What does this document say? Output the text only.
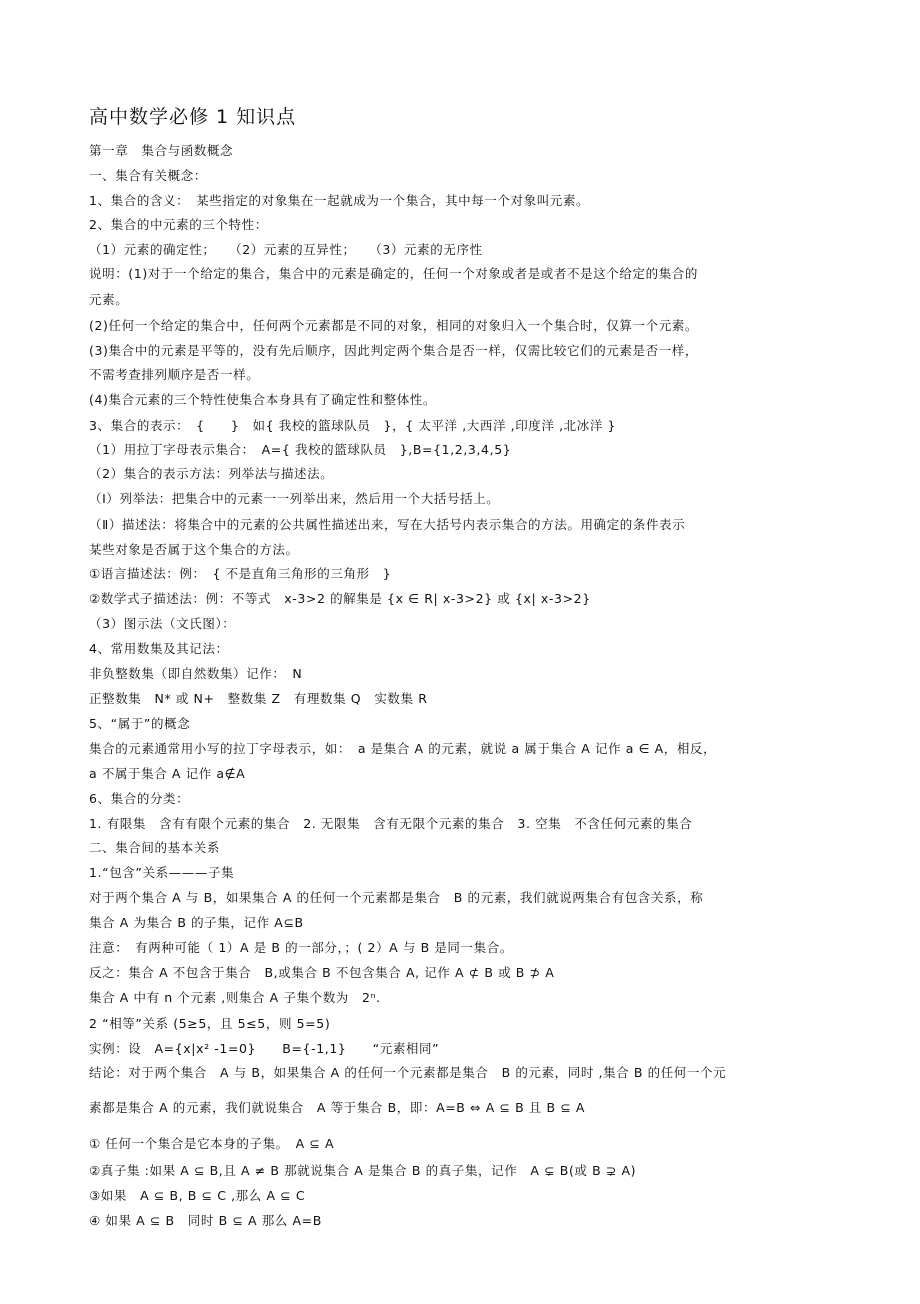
高中数学必修 1 知识点
第一章　集合与函数概念
一、集合有关概念：
1、集合的含义：　某些指定的对象集在一起就成为一个集合，其中每一个对象叫元素。
2、集合的中元素的三个特性：
（1）元素的确定性；　　（2）元素的互异性；　　（3）元素的无序性
说明：(1)对于一个给定的集合，集合中的元素是确定的，任何一个对象或者是或者不是这个给定的集合的
元素。
(2)任何一个给定的集合中，任何两个元素都是不同的对象，相同的对象归入一个集合时，仅算一个元素。
(3)集合中的元素是平等的，没有先后顺序，因此判定两个集合是否一样，仅需比较它们的元素是否一样，
不需考查排列顺序是否一样。
(4)集合元素的三个特性使集合本身具有了确定性和整体性。
3、集合的表示：　{　　}　如{ 我校的篮球队员　}，{ 太平洋 ,大西洋 ,印度洋 ,北冰洋 }
（1）用拉丁字母表示集合：　A={ 我校的篮球队员　},B={1,2,3,4,5}
（2）集合的表示方法：列举法与描述法。
（Ⅰ）列举法：把集合中的元素一一列举出来，然后用一个大括号括上。
（Ⅱ）描述法：将集合中的元素的公共属性描述出来，写在大括号内表示集合的方法。用确定的条件表示
某些对象是否属于这个集合的方法。
①语言描述法：例：　{ 不是直角三角形的三角形　}
②数学式子描述法：例：不等式　x-3>2 的解集是 {x ∈ R| x-3>2} 或 {x| x-3>2}
（3）图示法（文氏图）：
4、常用数集及其记法：
非负整数集（即自然数集）记作：　N
正整数集　N* 或 N+　整数集 Z　有理数集 Q　实数集 R
5、“属于”的概念
集合的元素通常用小写的拉丁字母表示，如：　a 是集合 A 的元素，就说 a 属于集合 A 记作 a ∈ A，相反，
a 不属于集合 A 记作 a∉A
6、集合的分类：
1. 有限集　含有有限个元素的集合　2. 无限集　含有无限个元素的集合　3. 空集　不含任何元素的集合
二、集合间的基本关系
1.“包含”关系———子集
对于两个集合 A 与 B，如果集合 A 的任何一个元素都是集合　B 的元素，我们就说两集合有包含关系，称
集合 A 为集合 B 的子集，记作 A⊆B
注意：　有两种可能（ 1）A 是 B 的一部分，；( 2）A 与 B 是同一集合。
反之：集合 A 不包含于集合　B,或集合 B 不包含集合 A, 记作 A ⊄ B 或 B ⊅ A
集合 A 中有 n 个元素 ,则集合 A 子集个数为　2ⁿ.
2 “相等”关系 (5≥5，且 5≤5，则 5=5)
实例：设　A={x|x² -1=0}　　B={-1,1}　　“元素相同”
结论：对于两个集合　A 与 B，如果集合 A 的任何一个元素都是集合　B 的元素，同时 ,集合 B 的任何一个元
素都是集合 A 的元素，我们就说集合　A 等于集合 B，即：A=B ⇔ A ⊆ B 且 B ⊆ A
① 任何一个集合是它本身的子集。　A ⊆ A
②真子集 :如果 A ⊆ B,且 A ≠ B 那就说集合 A 是集合 B 的真子集，记作　A ⊊ B(或 B ⊋ A)
③如果　A ⊆ B, B ⊆ C ,那么 A ⊆ C
④ 如果 A ⊆ B　同时 B ⊆ A 那么 A=B
